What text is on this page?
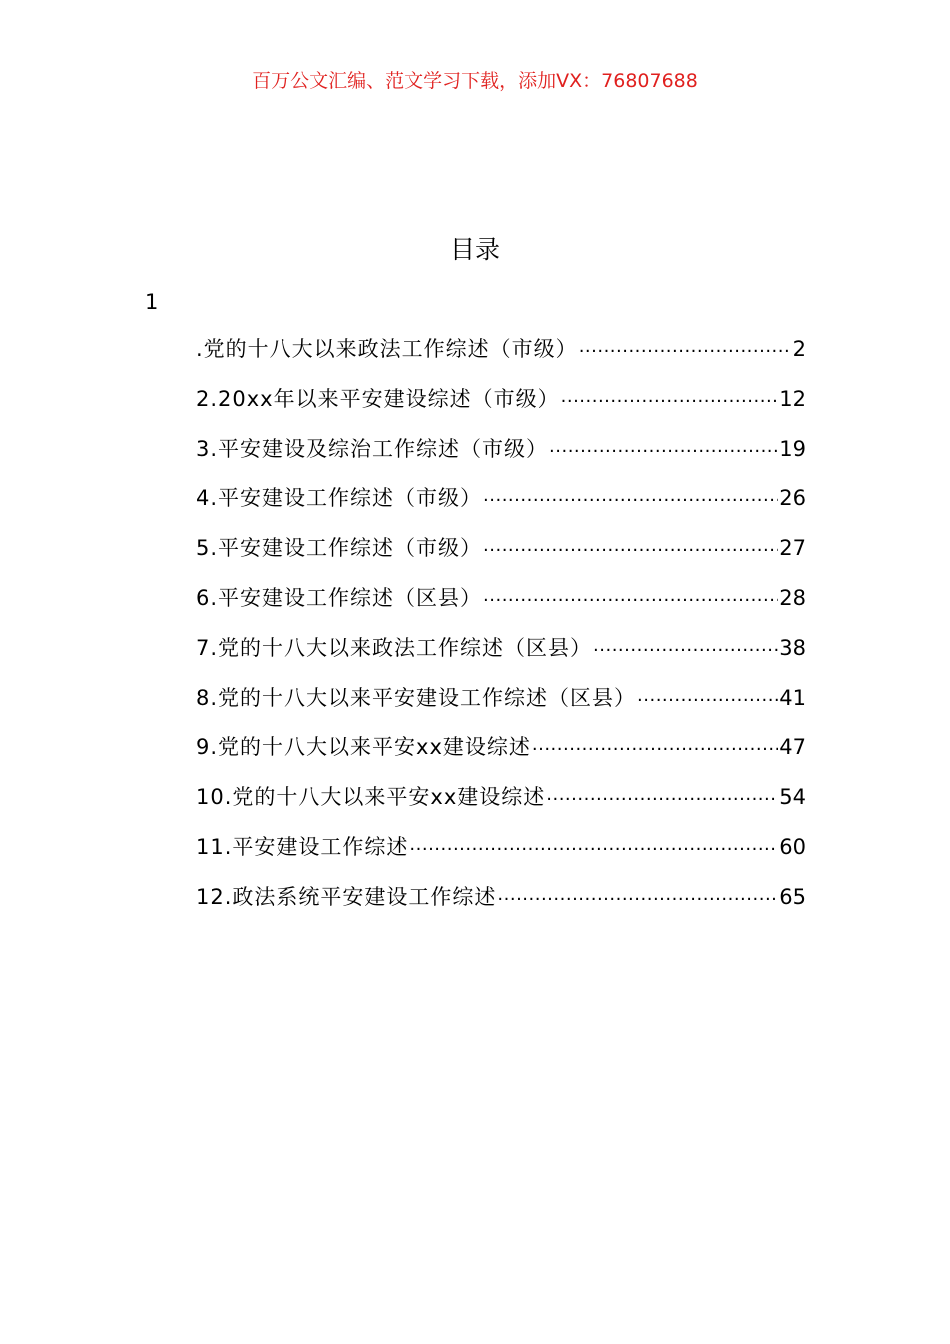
百万公文汇编、范文学习下载，添加VX：76807688
目录
1
.党的十八大以来政法工作综述（市级） .....	2
2.20xx年以来平安建设综述（市级） .....	12
3.平安建设及综治工作综述（市级） .....	19
4.平安建设工作综述（市级） .....	26
5.平安建设工作综述（市级） .....	27
6.平安建设工作综述（区县） .....	28
7.党的十八大以来政法工作综述（区县） .....	38
8.党的十八大以来平安建设工作综述（区县） .....	41
9.党的十八大以来平安xx建设综述 .....	47
10.党的十八大以来平安xx建设综述 .....	54
11.平安建设工作综述 .....	60
12.政法系统平安建设工作综述 .....	65
